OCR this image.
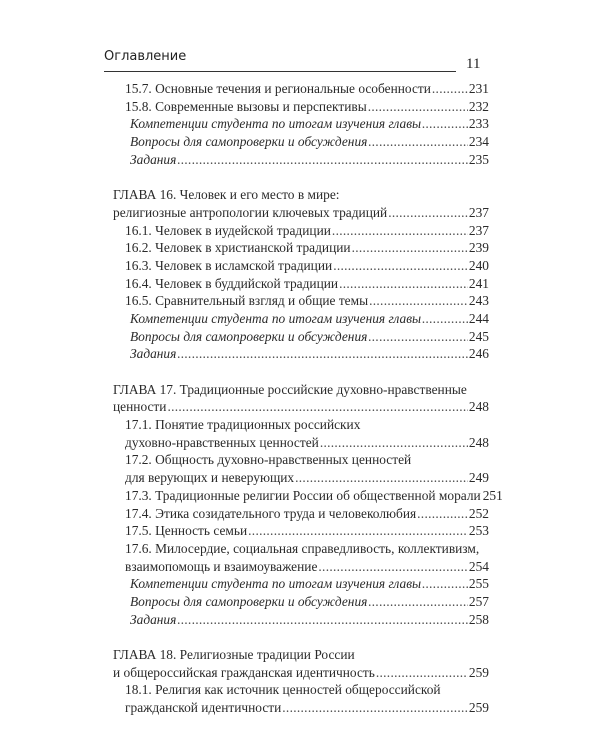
Оглавление	11
15.7. Основные течения и региональные особенности .....	231
15.8. Современные вызовы и перспективы .....	232
Компетенции студента по итогам изучения главы .....	233
Вопросы для самопроверки и обсуждения .....	234
Задания .....	235
ГЛАВА 16. Человек и его место в мире:
религиозные антропологии ключевых традиций .....	237
16.1. Человек в иудейской традиции .....	237
16.2. Человек в христианской традиции .....	239
16.3. Человек в исламской традиции .....	240
16.4. Человек в буддийской традиции .....	241
16.5. Сравнительный взгляд и общие темы .....	243
Компетенции студента по итогам изучения главы .....	244
Вопросы для самопроверки и обсуждения .....	245
Задания .....	246
ГЛАВА 17. Традиционные российские духовно-нравственные
ценности .....	248
17.1. Понятие традиционных российских
духовно-нравственных ценностей .....	248
17.2. Общность духовно-нравственных ценностей
для верующих и неверующих .....	249
17.3. Традиционные религии России об общественной морали 251
17.4. Этика созидательного труда и человеколюбия .....	252
17.5. Ценность семьи .....	253
17.6. Милосердие, социальная справедливость, коллективизм,
взаимопомощь и взаимоуважение .....	254
Компетенции студента по итогам изучения главы .....	255
Вопросы для самопроверки и обсуждения .....	257
Задания .....	258
ГЛАВА 18. Религиозные традиции России
и общероссийская гражданская идентичность .....	259
18.1. Религия как источник ценностей общероссийской
гражданской идентичности .....	259
